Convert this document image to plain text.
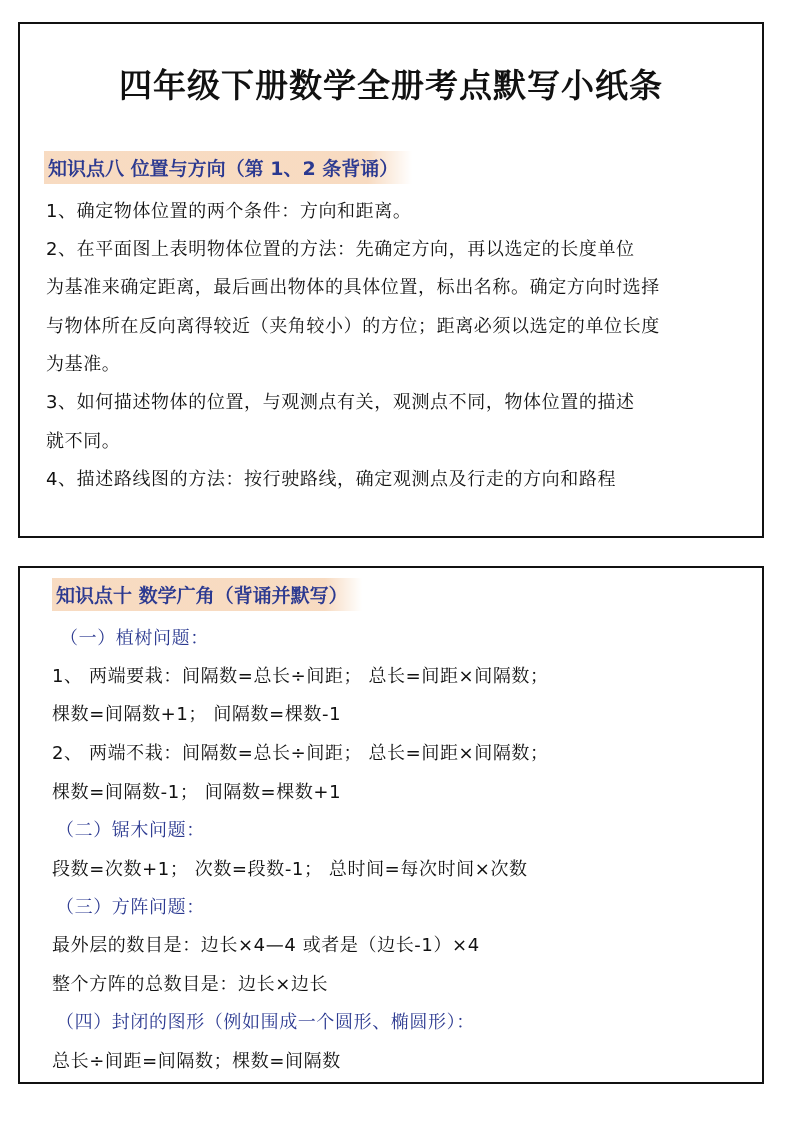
四年级下册数学全册考点默写小纸条
知识点八 位置与方向（第 1、2 条背诵）
1、确定物体位置的两个条件：方向和距离。
2、在平面图上表明物体位置的方法：先确定方向，再以选定的长度单位
为基准来确定距离，最后画出物体的具体位置，标出名称。确定方向时选择
与物体所在反向离得较近（夹角较小）的方位；距离必须以选定的单位长度
为基准。
3、如何描述物体的位置，与观测点有关，观测点不同，物体位置的描述
就不同。
4、描述路线图的方法：按行驶路线，确定观测点及行走的方向和路程
知识点十 数学广角（背诵并默写）
（一）植树问题：
1、 两端要栽：间隔数=总长÷间距； 总长=间距×间隔数；
棵数=间隔数+1； 间隔数=棵数-1
2、 两端不栽：间隔数=总长÷间距； 总长=间距×间隔数；
棵数=间隔数-1； 间隔数=棵数+1
（二）锯木问题：
段数=次数+1； 次数=段数-1； 总时间=每次时间×次数
（三）方阵问题：
最外层的数目是：边长×4—4 或者是（边长-1）×4
整个方阵的总数目是：边长×边长
（四）封闭的图形（例如围成一个圆形、椭圆形）：
总长÷间距=间隔数；棵数=间隔数
